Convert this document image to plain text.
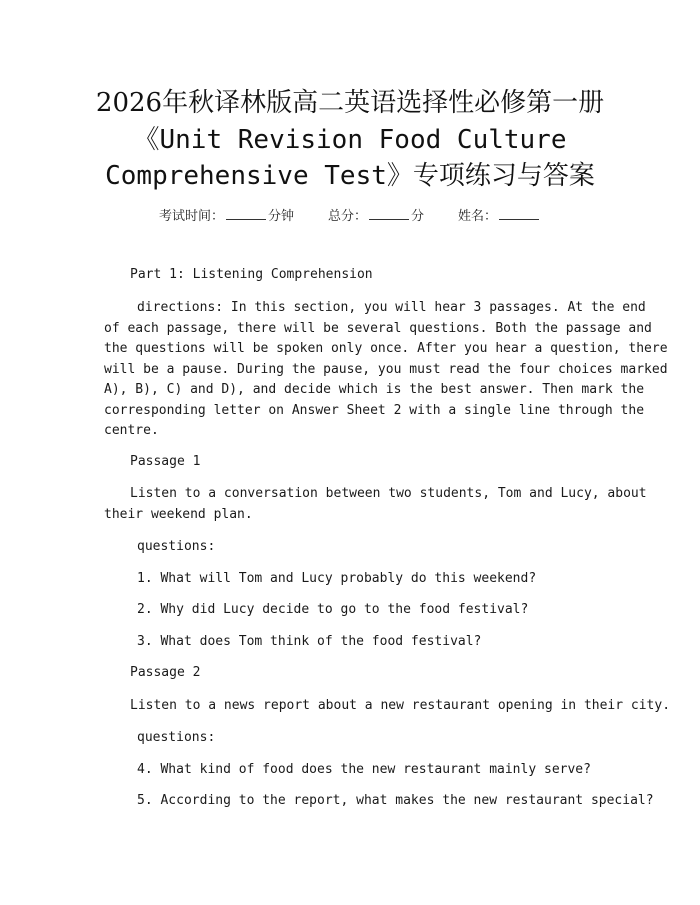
2026年秋译林版高二英语选择性必修第一册
《Unit Revision Food Culture
Comprehensive Test》专项练习与答案
考试时间：	分钟	总分：	分	姓名：
Part 1: Listening Comprehension
directions: In this section, you will hear 3 passages. At the end
of each passage, there will be several questions. Both the passage and
the questions will be spoken only once. After you hear a question, there
will be a pause. During the pause, you must read the four choices marked
A), B), C) and D), and decide which is the best answer. Then mark the
corresponding letter on Answer Sheet 2 with a single line through the
centre.
Passage 1
Listen to a conversation between two students, Tom and Lucy, about
their weekend plan.
questions:
1. What will Tom and Lucy probably do this weekend?
2. Why did Lucy decide to go to the food festival?
3. What does Tom think of the food festival?
Passage 2
Listen to a news report about a new restaurant opening in their city.
questions:
4. What kind of food does the new restaurant mainly serve?
5. According to the report, what makes the new restaurant special?
